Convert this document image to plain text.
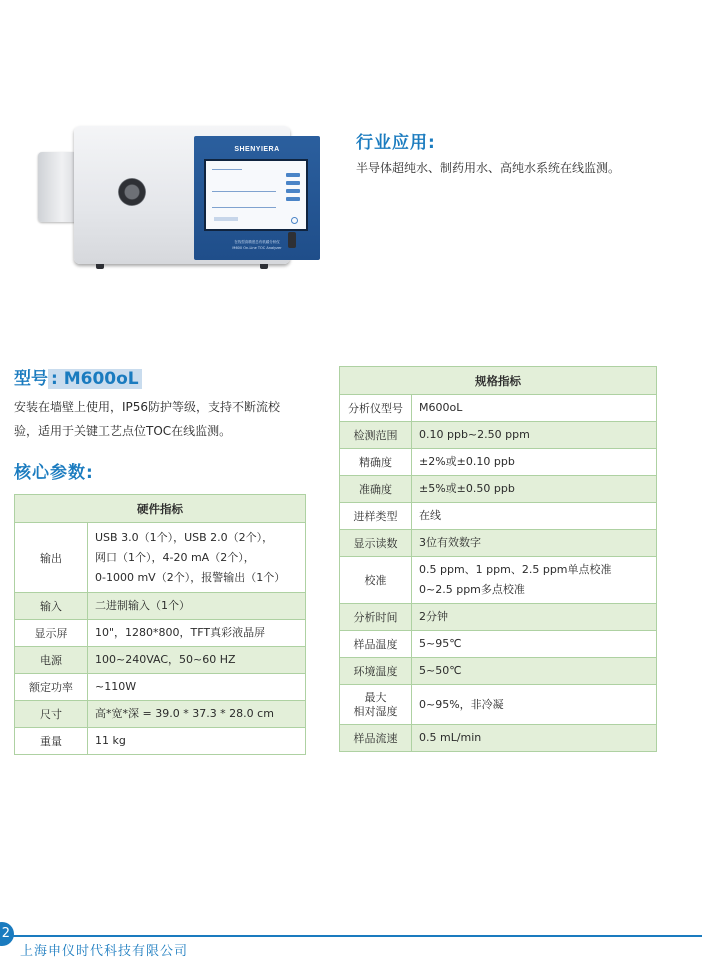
SHENYIERA
在线型高精度总有机碳分析仪
M600 On-Line TOC Analyzer
行业应用:
半导体超纯水、制药用水、高纯水系统在线监测。
型号 : M600oL
安装在墙壁上使用，IP56防护等级，支持不断流校
验，适用于关键工艺点位TOC在线监测。
核心参数:
硬件指标	
输出	USB 3.0（1个），USB 2.0（2个），
网口（1个），4-20 mA（2个），
0-1000 mV（2个），报警输出（1个）

输入	二进制输入（1个）
显示屏	10"，1280*800，TFT真彩液晶屏
电源	100~240VAC，50~60 HZ
额定功率	~110W
尺寸	高*宽*深 = 39.0 * 37.3 * 28.0 cm
重量	11 kg
规格指标	
分析仪型号	M600oL
检测范围	0.10 ppb~2.50 ppm
精确度	±2%或±0.10 ppb
准确度	±5%或±0.50 ppb
进样类型	在线
显示读数	3位有效数字
校准	0.5 ppm、1 ppm、2.5 ppm单点校准
0~2.5 ppm多点校准

分析时间	2分钟
样品温度	5~95℃
环境温度	5~50℃

最大
相对湿度	0~95%，非冷凝
样品流速	0.5 mL/min
2
上海申仪时代科技有限公司
